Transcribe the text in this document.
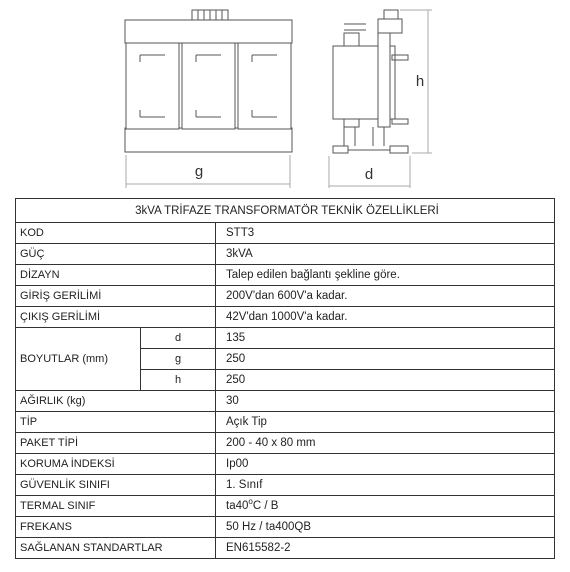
g
h
d
3kVA TRİFAZE TRANSFORMATÖR TEKNİK ÖZELLİKLERİ		
KOD		STT3
GÜÇ		3kVA
DİZAYN		Talep edilen bağlantı şekline göre.
GİRİŞ GERİLİMİ		200V'dan 600V'a kadar.
ÇIKIŞ GERİLİMİ		42V'dan 1000V'a kadar.
BOYUTLAR (mm)	d	135
	g	250
	h	250
AĞIRLIK (kg)		30
TİP		Açık Tip
PAKET TİPİ		200 - 40 x 80 mm
KORUMA İNDEKSİ		Ip00
GÜVENLİK SINIFI		1. Sınıf
TERMAL SINIF		ta40$^o$C / B
FREKANS		50 Hz / ta400QB
SAĞLANAN STANDARTLAR		EN615582-2
